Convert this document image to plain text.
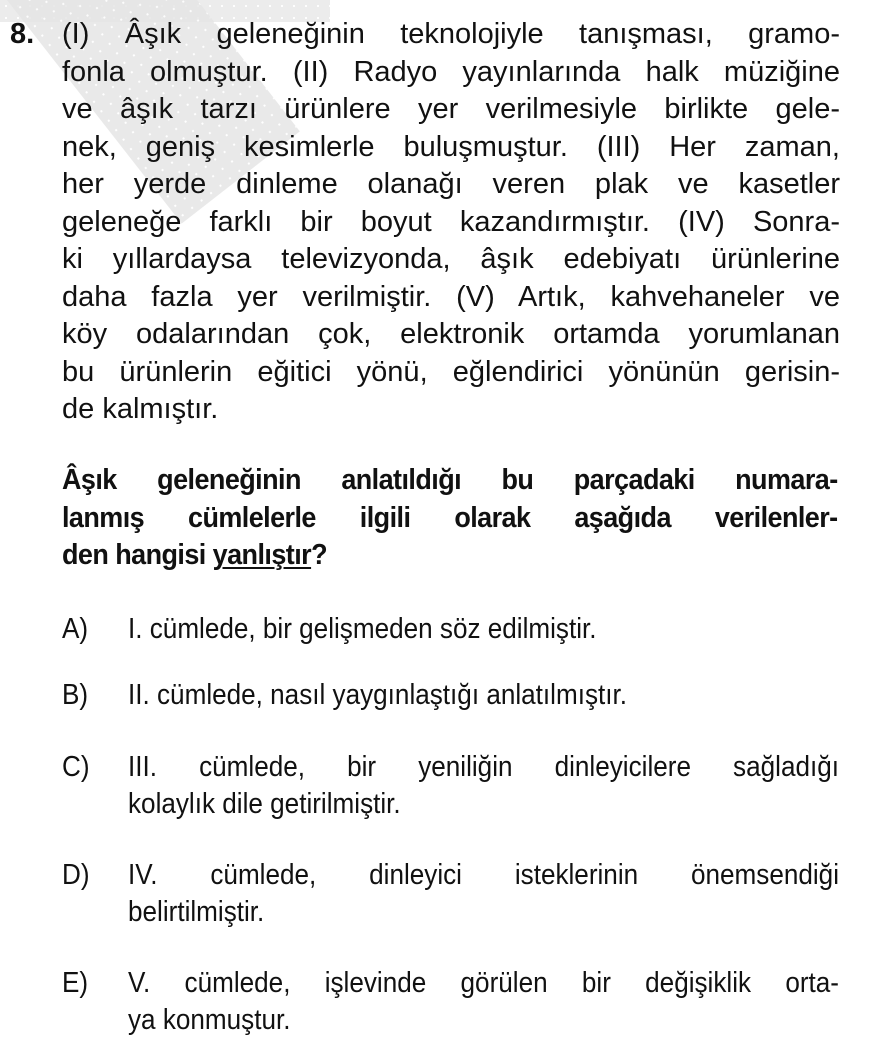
8. (I) Âşık geleneğinin teknolojiyle tanışması, gramo-
fonla olmuştur. (II) Radyo yayınlarında halk müziğine
ve âşık tarzı ürünlere yer verilmesiyle birlikte gele-
nek, geniş kesimlerle buluşmuştur. (III) Her zaman,
her yerde dinleme olanağı veren plak ve kasetler
geleneğe farklı bir boyut kazandırmıştır. (IV) Sonra-
ki yıllardaysa televizyonda, âşık edebiyatı ürünlerine
daha fazla yer verilmiştir. (V) Artık, kahvehaneler ve
köy odalarından çok, elektronik ortamda yorumlanan
bu ürünlerin eğitici yönü, eğlendirici yönünün gerisin-
de kalmıştır.
Âşık geleneğinin anlatıldığı bu parçadaki numara-
lanmış cümlelerle ilgili olarak aşağıda verilenler-
den hangisi yanlıştır?
A) I. cümlede, bir gelişmeden söz edilmiştir.
B) II. cümlede, nasıl yaygınlaştığı anlatılmıştır.
C) III. cümlede, bir yeniliğin dinleyicilere sağladığı
kolaylık dile getirilmiştir.
D) IV. cümlede, dinleyici isteklerinin önemsendiği
belirtilmiştir.
E) V. cümlede, işlevinde görülen bir değişiklik orta-
ya konmuştur.
